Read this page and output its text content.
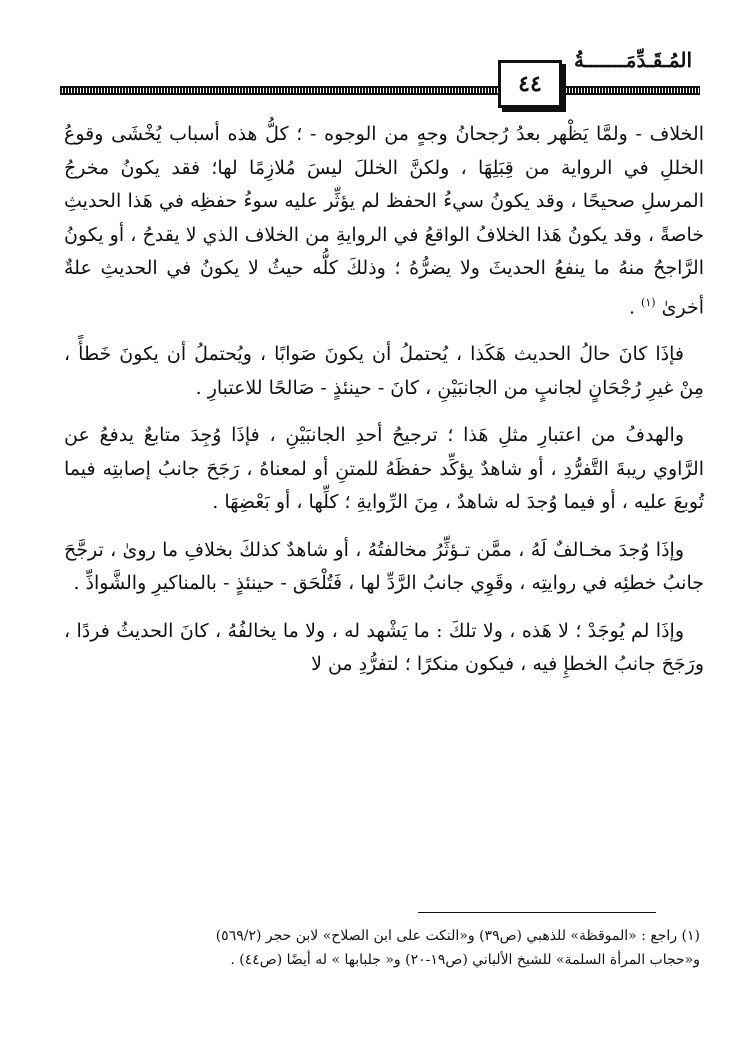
المُـقَـدِّمَـــــــةُ
٤٤

الخلاف - ولمَّا يَظْهر بعدُ رُجحانُ وجهٍ من الوجوه - ؛ كلُّ هذه أسباب يُخْشَى وقوعُ الخللِ في الرواية من قِبَلِهَا ، ولكنَّ الخللَ ليسَ مُلازِمًا لها؛ فقد يكونُ مخرجُ المرسلِ صحيحًا ، وقد يكونُ سيءُ الحفظ لم يؤثِّر عليه سوءُ حفظِه في هَذا الحديثِ خاصةً ، وقد يكونُ هَذا الخلافُ الواقعُ في الروايةِ من الخلاف الذي لا يقدحُ ، أو يكونُ الرَّاجحُ منهُ ما ينفعُ الحديثَ ولا يضرُّهُ ؛ وذلكَ كلُّه حيثُ لا يكونُ في الحديثِ علةٌ أخرىٰ $^{(١)}$ .

فإذَا كانَ حالُ الحديث هَكَذا ، يُحتملُ أن يكونَ صَوابًا ، ويُحتملُ أن يكونَ خَطأً ، مِنْ غيرِ رُجْحَانٍ لجانبٍ من الجانبَيْنِ ، كانَ - حينئذٍ - صَالحًا للاعتبارِ .

والهدفُ من اعتبارِ مثلِ هَذا ؛ ترجيحُ أحدِ الجانبَيْنِ ، فإذَا وُجِدَ متابعٌ يدفعُ عن الرَّاوي ريبةَ التَّفرُّدِ ، أو شاهدٌ يؤكِّد حفظَهُ للمتنِ أو لمعناهُ ، رَجَحَ جانبُ إصابتِه فيما تُوبعَ عليه ، أو فيما وُجدَ له شاهدٌ ، مِنَ الرِّوايةِ ؛ كلِّها ، أو بَعْضِهَا .

وإذَا وُجدَ مخـالفٌ لَهُ ، ممَّن تـؤثِّرُ مخالفتُهُ ، أو شاهدٌ كذلكَ بخلافِ ما روىٰ ، ترجَّحَ جانبُ خطئِه في روايتِه ، وقَوِي جانبُ الرَّدِّ لها ، فَتُلْحَق - حينئذٍ - بالمناكيرِ والشَّواذِّ .

وإذَا لم يُوجَدْ ؛ لا هَذه ، ولا تلكَ : ما يَشْهد له ، ولا ما يخالفُهُ ، كانَ الحديثُ فردًا ، ورَجَحَ جانبُ الخطإِ فيه ، فيكون منكرًا ؛ لتفرُّدِ من لا

(١) راجع : «الموقظة» للذهبي (ص٣٩) و«النكت على ابن الصلاح» لابن حجر (٥٦٩/٢)
و«حجاب المرأة السلمة» للشيخ الألباني (ص١٩-٢٠) و« جلبابها » له أيضًا (ص٤٤) .
